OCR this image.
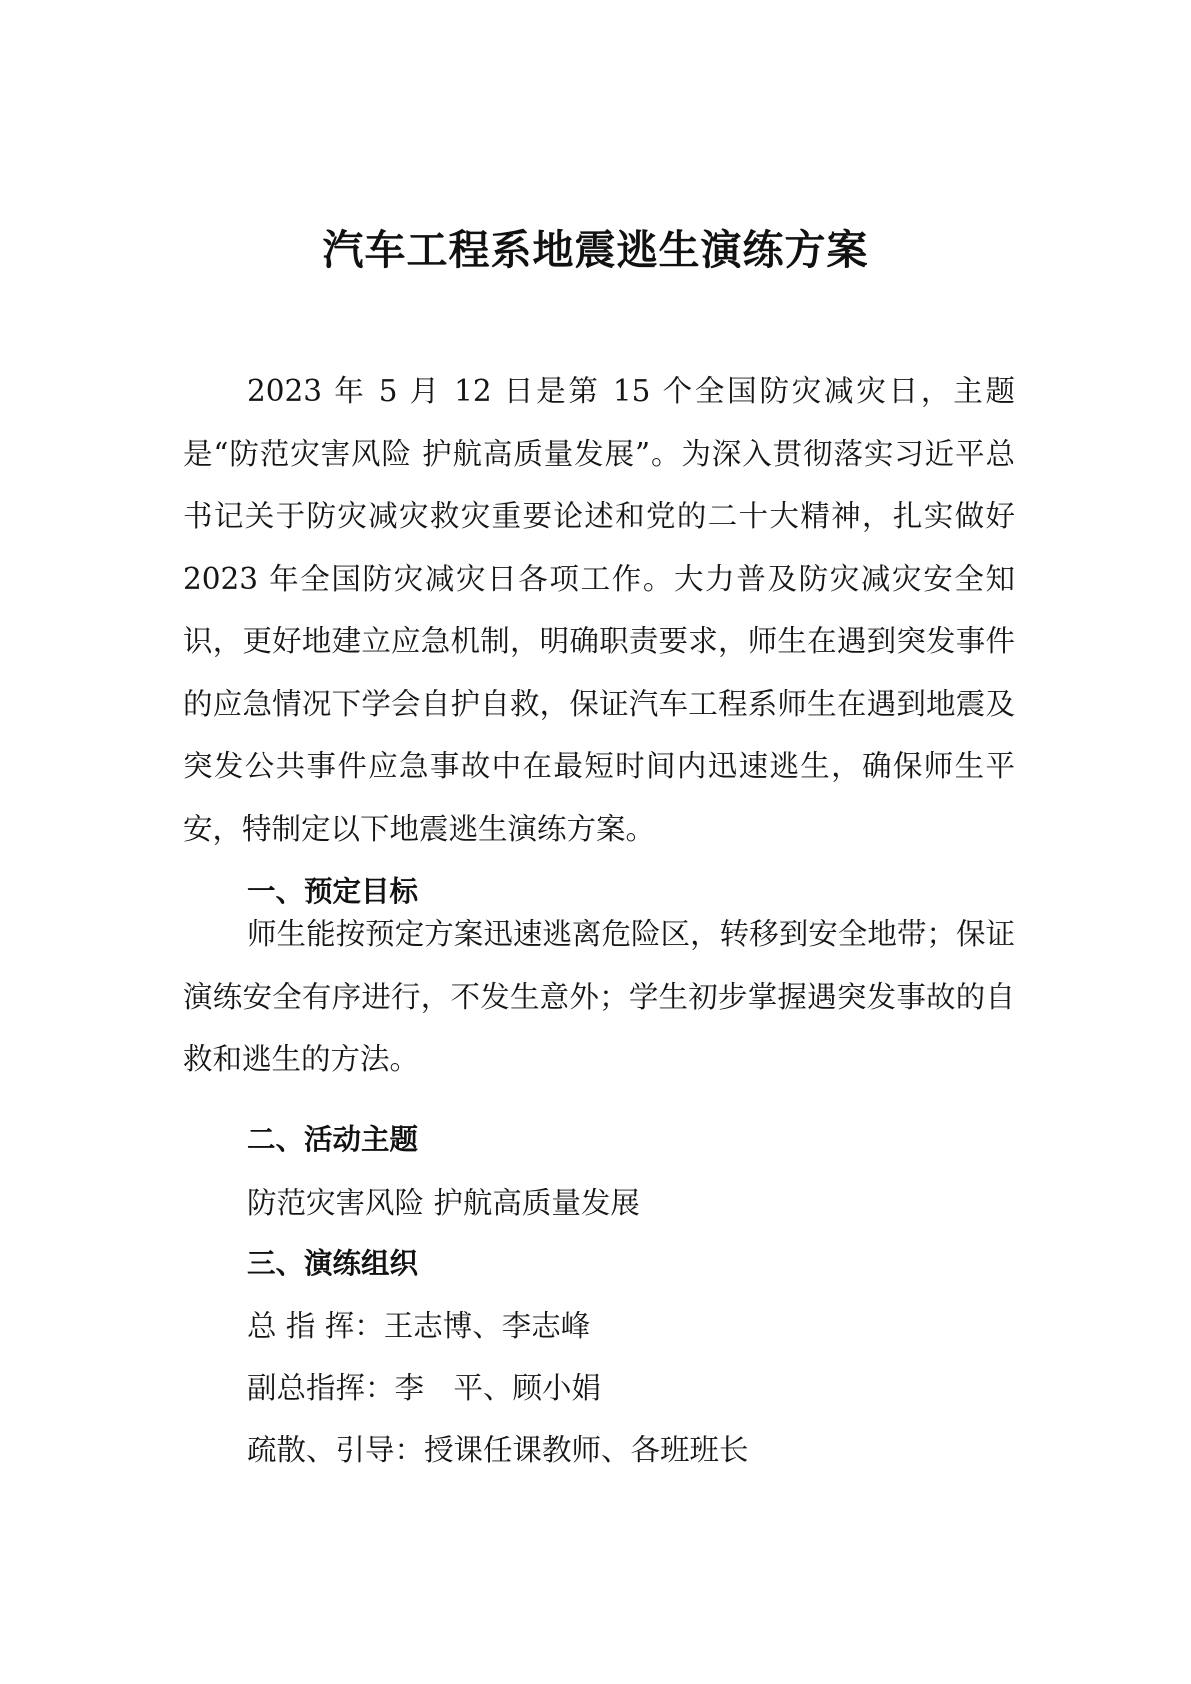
汽车工程系地震逃生演练方案

2023 年 5 月 12 日是第 15 个全国防灾减灾日，主题是“防范灾害风险 护航高质量发展”。为深入贯彻落实习近平总书记关于防灾减灾救灾重要论述和党的二十大精神，扎实做好 2023 年全国防灾减灾日各项工作。大力普及防灾减灾安全知识，更好地建立应急机制，明确职责要求，师生在遇到突发事件的应急情况下学会自护自救，保证汽车工程系师生在遇到地震及突发公共事件应急事故中在最短时间内迅速逃生，确保师生平安，特制定以下地震逃生演练方案。

一、预定目标

师生能按预定方案迅速逃离危险区，转移到安全地带；保证演练安全有序进行，不发生意外；学生初步掌握遇突发事故的自救和逃生的方法。

二、活动主题

防范灾害风险 护航高质量发展

三、演练组织

总 指 挥：王志博、李志峰

副总指挥：李　平、顾小娟

疏散、引导：授课任课教师、各班班长
